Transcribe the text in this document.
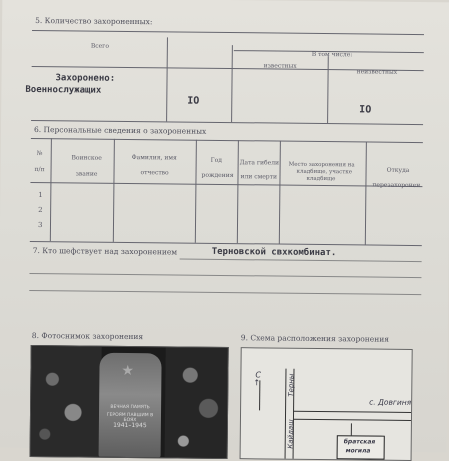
5. Количество захороненных:
Всего
В том числе:
известных
неизвестных
Захоронено:
Военнослужащих
IO
IO
6. Персональные сведения о захороненных
№
п/п
Воинское звание
Фамилия, имя
отчество
Год
рождения
Дата гибели
или смерти
Место захоронения на
кладбище, участке
кладбище
Откуда
перезахоронен
1
2
3
7. Кто шефствует над захоронением	Терновской свхкомбинат.
8. Фотоснимок захоронения
★
ВЕЧНАЯ ПАМЯТЬ
ГЕРОЯМ ПАВШИМ В БОЯХ
1941–1945
9. Схема расположения захоронения
С
↑	Терны
Кайдаш
с. Довгиня
братская
могила
